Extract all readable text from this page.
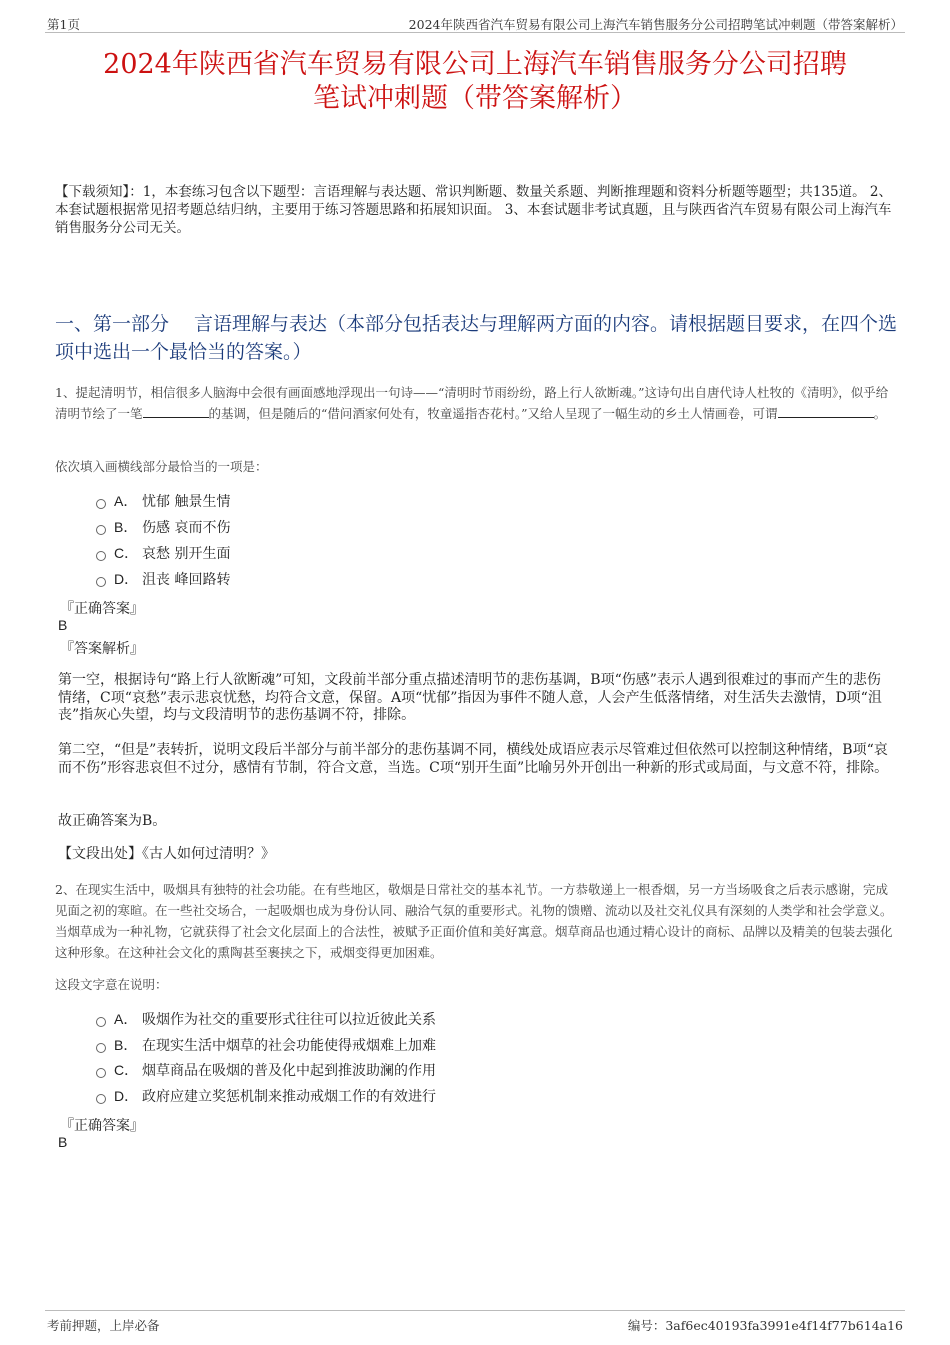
第1页	2024年陕西省汽车贸易有限公司上海汽车销售服务分公司招聘笔试冲刺题（带答案解析）
2024年陕西省汽车贸易有限公司上海汽车销售服务分公司招聘
笔试冲刺题（带答案解析）
【下载须知】：1，本套练习包含以下题型：言语理解与表达题、常识判断题、数量关系题、判断推理题和资料分析题等题型；共135道。 2、本套试题根据常见招考题总结归纳，主要用于练习答题思路和拓展知识面。 3、本套试题非考试真题，且与陕西省汽车贸易有限公司上海汽车销售服务分公司无关。
一、第一部分　 言语理解与表达（本部分包括表达与理解两方面的内容。请根据题目要求，在四个选项中选出一个最恰当的答案。）
1、提起清明节，相信很多人脑海中会很有画面感地浮现出一句诗——“清明时节雨纷纷，路上行人欲断魂。”这诗句出自唐代诗人杜牧的《清明》，似乎给清明节绘了一笔	的基调，但是随后的“借问酒家何处有，牧童遥指杏花村。”又给人呈现了一幅生动的乡土人情画卷，可谓	。
依次填入画横线部分最恰当的一项是：
A． 忧郁 触景生情
B． 伤感 哀而不伤
C． 哀愁 别开生面
D． 沮丧 峰回路转
『正确答案』
B
『答案解析』
第一空，根据诗句“路上行人欲断魂”可知，文段前半部分重点描述清明节的悲伤基调，B项“伤感”表示人遇到很难过的事而产生的悲伤情绪，C项“哀愁”表示悲哀忧愁，均符合文意，保留。A项“忧郁”指因为事件不随人意，人会产生低落情绪，对生活失去激情，D项“沮丧”指灰心失望，均与文段清明节的悲伤基调不符，排除。
第二空，“但是”表转折，说明文段后半部分与前半部分的悲伤基调不同，横线处成语应表示尽管难过但依然可以控制这种情绪，B项“哀而不伤”形容悲哀但不过分，感情有节制，符合文意，当选。C项“别开生面”比喻另外开创出一种新的形式或局面，与文意不符，排除。
故正确答案为B。
【文段出处】《古人如何过清明？》
2、在现实生活中，吸烟具有独特的社会功能。在有些地区，敬烟是日常社交的基本礼节。一方恭敬递上一根香烟，另一方当场吸食之后表示感谢，完成见面之初的寒暄。在一些社交场合，一起吸烟也成为身份认同、融洽气氛的重要形式。礼物的馈赠、流动以及社交礼仪具有深刻的人类学和社会学意义。当烟草成为一种礼物，它就获得了社会文化层面上的合法性，被赋予正面价值和美好寓意。烟草商品也通过精心设计的商标、品牌以及精美的包装去强化这种形象。在这种社会文化的熏陶甚至裹挟之下，戒烟变得更加困难。
这段文字意在说明：
A． 吸烟作为社交的重要形式往往可以拉近彼此关系
B． 在现实生活中烟草的社会功能使得戒烟难上加难
C． 烟草商品在吸烟的普及化中起到推波助澜的作用
D． 政府应建立奖惩机制来推动戒烟工作的有效进行
『正确答案』
B
考前押题，上岸必备	编号：3af6ec40193fa3991e4f14f77b614a16
